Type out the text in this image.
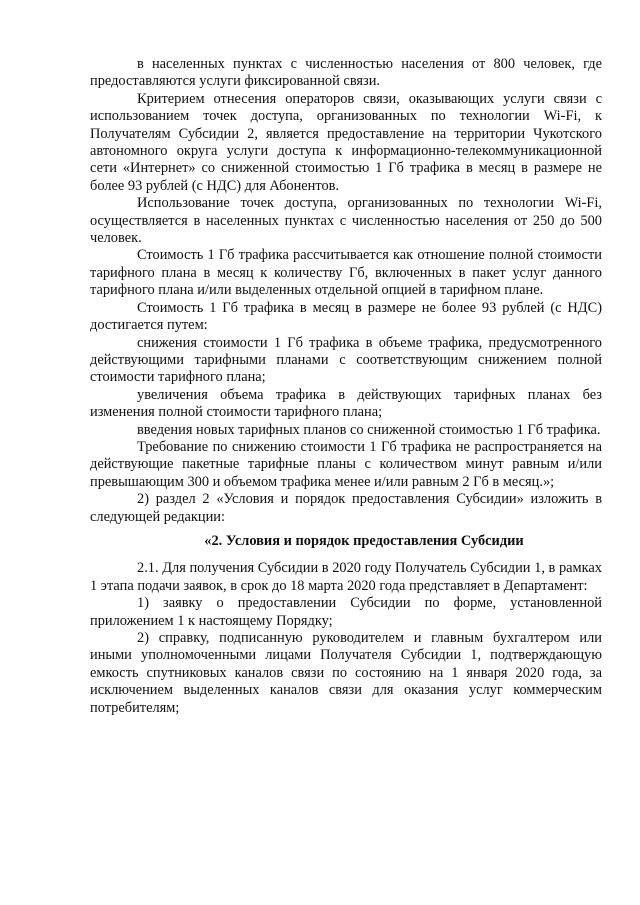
в населенных пунктах с численностью населения от 800 человек, где предоставляются услуги фиксированной связи.

Критерием отнесения операторов связи, оказывающих услуги связи с использованием точек доступа, организованных по технологии Wi-Fi, к Получателям Субсидии 2, является предоставление на территории Чукотского автономного округа услуги доступа к информационно-телекоммуникационной сети «Интернет» со сниженной стоимостью 1 Гб трафика в месяц в размере не более 93 рублей (с НДС) для Абонентов.

Использование точек доступа, организованных по технологии Wi-Fi, осуществляется в населенных пунктах с численностью населения от 250 до 500 человек.

Стоимость 1 Гб трафика рассчитывается как отношение полной стоимости тарифного плана в месяц к количеству Гб, включенных в пакет услуг данного тарифного плана и/или выделенных отдельной опцией в тарифном плане.

Стоимость 1 Гб трафика в месяц в размере не более 93 рублей (с НДС) достигается путем:

снижения стоимости 1 Гб трафика в объеме трафика, предусмотренного действующими тарифными планами с соответствующим снижением полной стоимости тарифного плана;

увеличения объема трафика в действующих тарифных планах без изменения полной стоимости тарифного плана;

введения новых тарифных планов со сниженной стоимостью 1 Гб трафика.

Требование по снижению стоимости 1 Гб трафика не распространяется на действующие пакетные тарифные планы с количеством минут равным и/или превышающим 300 и объемом трафика менее и/или равным 2 Гб в месяц.»;

2) раздел 2 «Условия и порядок предоставления Субсидии» изложить в следующей редакции:

«2. Условия и порядок предоставления Субсидии

2.1. Для получения Субсидии в 2020 году Получатель Субсидии 1, в рамках 1 этапа подачи заявок, в срок до 18 марта 2020 года представляет в Департамент:

1) заявку о предоставлении Субсидии по форме, установленной приложением 1 к настоящему Порядку;

2) справку, подписанную руководителем и главным бухгалтером или иными уполномоченными лицами Получателя Субсидии 1, подтверждающую емкость спутниковых каналов связи по состоянию на 1 января 2020 года, за исключением выделенных каналов связи для оказания услуг коммерческим потребителям;
